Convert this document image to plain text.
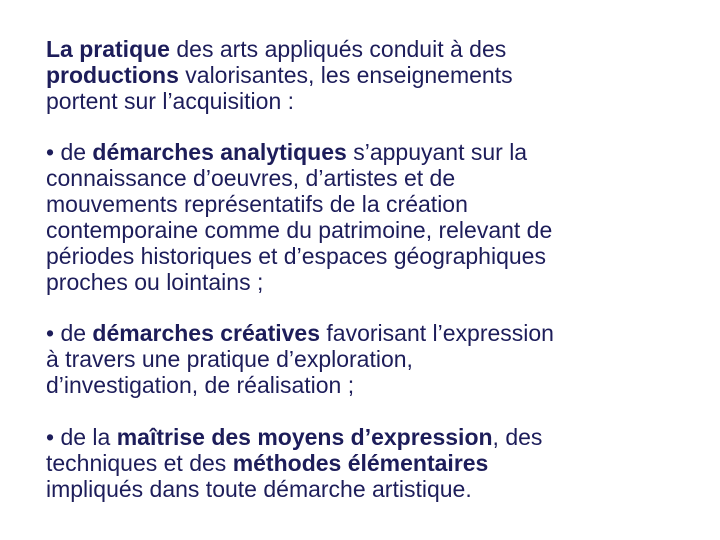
La pratique des arts appliqués conduit à des
productions valorisantes, les enseignements
portent sur l’acquisition :

• de démarches analytiques s’appuyant sur la
connaissance d’oeuvres, d’artistes et de
mouvements représentatifs de la création
contemporaine comme du patrimoine, relevant de
périodes historiques et d’espaces géographiques
proches ou lointains ;

• de démarches créatives favorisant l’expression
à travers une pratique d’exploration,
d’investigation, de réalisation ;

• de la maîtrise des moyens d’expression, des
techniques et des méthodes élémentaires
impliqués dans toute démarche artistique.
